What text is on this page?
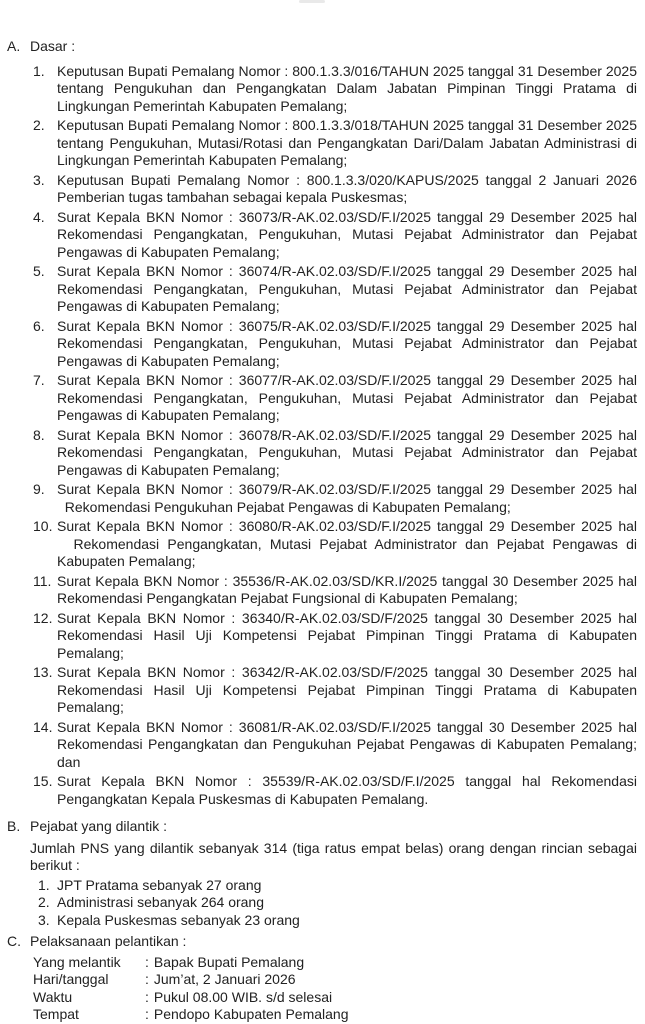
A. Dasar :
1. Keputusan Bupati Pemalang Nomor : 800.1.3.3/016/TAHUN 2025 tanggal 31 Desember 2025 tentang Pengukuhan dan Pengangkatan Dalam Jabatan Pimpinan Tinggi Pratama di Lingkungan Pemerintah Kabupaten Pemalang;
2. Keputusan Bupati Pemalang Nomor : 800.1.3.3/018/TAHUN 2025 tanggal 31 Desember 2025 tentang Pengukuhan, Mutasi/Rotasi dan Pengangkatan Dari/Dalam Jabatan Administrasi di Lingkungan Pemerintah Kabupaten Pemalang;
3. Keputusan Bupati Pemalang Nomor : 800.1.3.3/020/KAPUS/2025 tanggal 2 Januari 2026 Pemberian tugas tambahan sebagai kepala Puskesmas;
4. Surat Kepala BKN Nomor : 36073/R-AK.02.03/SD/F.I/2025 tanggal 29 Desember 2025 hal Rekomendasi Pengangkatan, Pengukuhan, Mutasi Pejabat Administrator dan Pejabat Pengawas di Kabupaten Pemalang;
5. Surat Kepala BKN Nomor : 36074/R-AK.02.03/SD/F.I/2025 tanggal 29 Desember 2025 hal Rekomendasi Pengangkatan, Pengukuhan, Mutasi Pejabat Administrator dan Pejabat Pengawas di Kabupaten Pemalang;
6. Surat Kepala BKN Nomor : 36075/R-AK.02.03/SD/F.I/2025 tanggal 29 Desember 2025 hal Rekomendasi Pengangkatan, Pengukuhan, Mutasi Pejabat Administrator dan Pejabat Pengawas di Kabupaten Pemalang;
7. Surat Kepala BKN Nomor : 36077/R-AK.02.03/SD/F.I/2025 tanggal 29 Desember 2025 hal Rekomendasi Pengangkatan, Pengukuhan, Mutasi Pejabat Administrator dan Pejabat Pengawas di Kabupaten Pemalang;
8. Surat Kepala BKN Nomor : 36078/R-AK.02.03/SD/F.I/2025 tanggal 29 Desember 2025 hal Rekomendasi Pengangkatan, Pengukuhan, Mutasi Pejabat Administrator dan Pejabat Pengawas di Kabupaten Pemalang;
9. Surat Kepala BKN Nomor : 36079/R-AK.02.03/SD/F.I/2025 tanggal 29 Desember 2025 hal   Rekomendasi Pengukuhan Pejabat Pengawas di Kabupaten Pemalang;
10. Surat Kepala BKN Nomor : 36080/R-AK.02.03/SD/F.I/2025 tanggal 29 Desember 2025 hal   Rekomendasi Pengangkatan, Mutasi Pejabat Administrator dan Pejabat Pengawas di Kabupaten Pemalang;
11. Surat Kepala BKN Nomor : 35536/R-AK.02.03/SD/KR.I/2025 tanggal 30 Desember 2025 hal Rekomendasi Pengangkatan Pejabat Fungsional di Kabupaten Pemalang;
12. Surat Kepala BKN Nomor : 36340/R-AK.02.03/SD/F/2025 tanggal 30 Desember 2025 hal Rekomendasi Hasil Uji Kompetensi Pejabat Pimpinan Tinggi Pratama di Kabupaten Pemalang;
13. Surat Kepala BKN Nomor : 36342/R-AK.02.03/SD/F/2025 tanggal 30 Desember 2025 hal Rekomendasi Hasil Uji Kompetensi Pejabat Pimpinan Tinggi Pratama di Kabupaten Pemalang;
14. Surat Kepala BKN Nomor : 36081/R-AK.02.03/SD/F.I/2025 tanggal 30 Desember 2025 hal Rekomendasi Pengangkatan dan Pengukuhan Pejabat Pengawas di Kabupaten Pemalang; dan
15. Surat Kepala BKN Nomor : 35539/R-AK.02.03/SD/F.I/2025 tanggal hal Rekomendasi Pengangkatan Kepala Puskesmas di Kabupaten Pemalang.
B. Pejabat yang dilantik :
Jumlah PNS yang dilantik sebanyak 314 (tiga ratus empat belas) orang dengan rincian sebagai berikut :
1. JPT Pratama sebanyak 27 orang
2. Administrasi sebanyak 264 orang
3. Kepala Puskesmas sebanyak 23 orang
C. Pelaksanaan pelantikan :
Yang melantik	: Bapak Bupati Pemalang
Hari/tanggal	: Jum’at, 2 Januari 2026
Waktu	: Pukul 08.00 WIB. s/d selesai
Tempat	: Pendopo Kabupaten Pemalang
